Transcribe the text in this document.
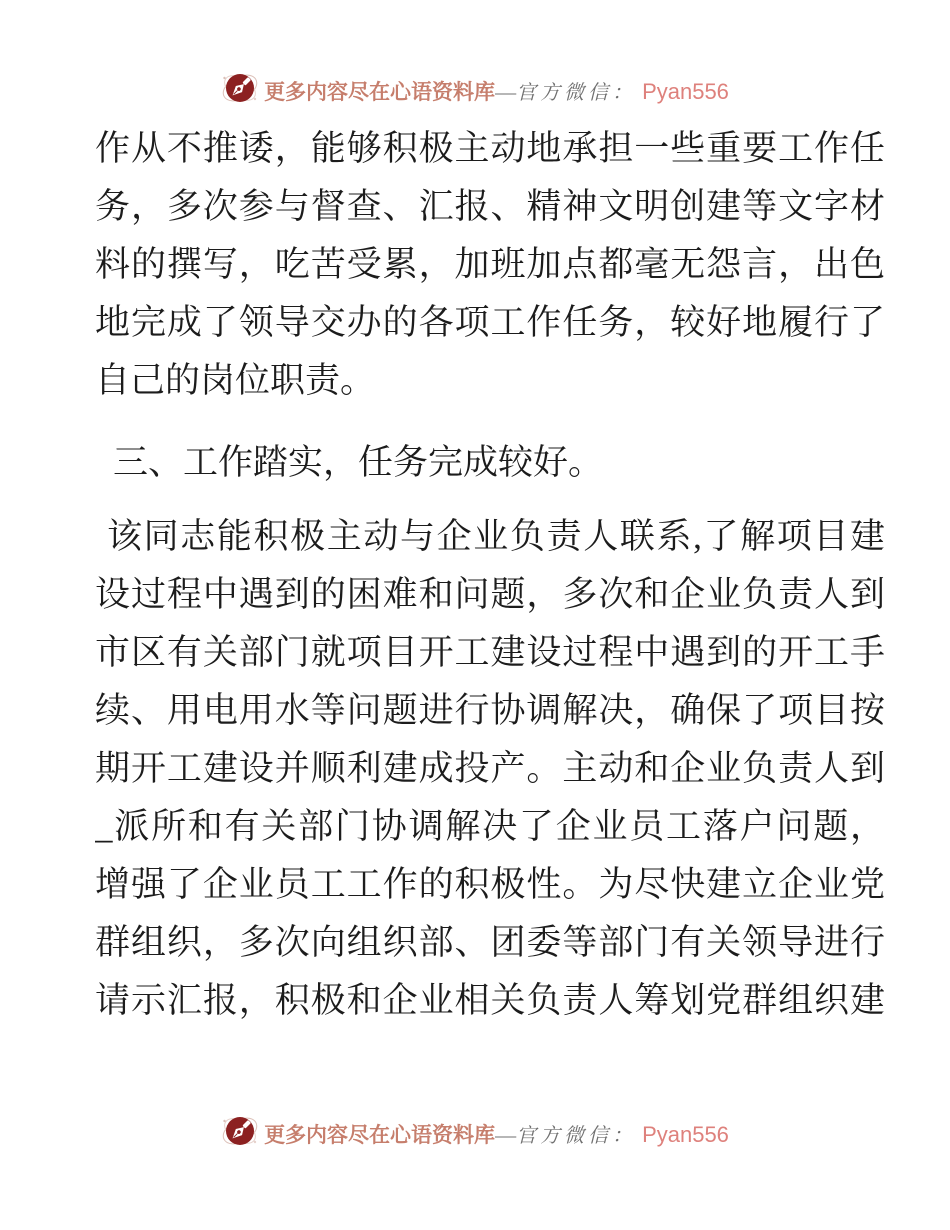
更多内容尽在心语资料库—官方微信： Pyan556
作从不推诿，能够积极主动地承担一些重要工作任
务，多次参与督查、汇报、精神文明创建等文字材
料的撰写，吃苦受累，加班加点都毫无怨言，出色
地完成了领导交办的各项工作任务，较好地履行了
自己的岗位职责。
三、工作踏实，任务完成较好。
该同志能积极主动与企业负责人联系,了解项目建
设过程中遇到的困难和问题，多次和企业负责人到
市区有关部门就项目开工建设过程中遇到的开工手
续、用电用水等问题进行协调解决，确保了项目按
期开工建设并顺利建成投产。主动和企业负责人到
_派所和有关部门协调解决了企业员工落户问题，
增强了企业员工工作的积极性。为尽快建立企业党
群组织，多次向组织部、团委等部门有关领导进行
请示汇报，积极和企业相关负责人筹划党群组织建
更多内容尽在心语资料库—官方微信： Pyan556
